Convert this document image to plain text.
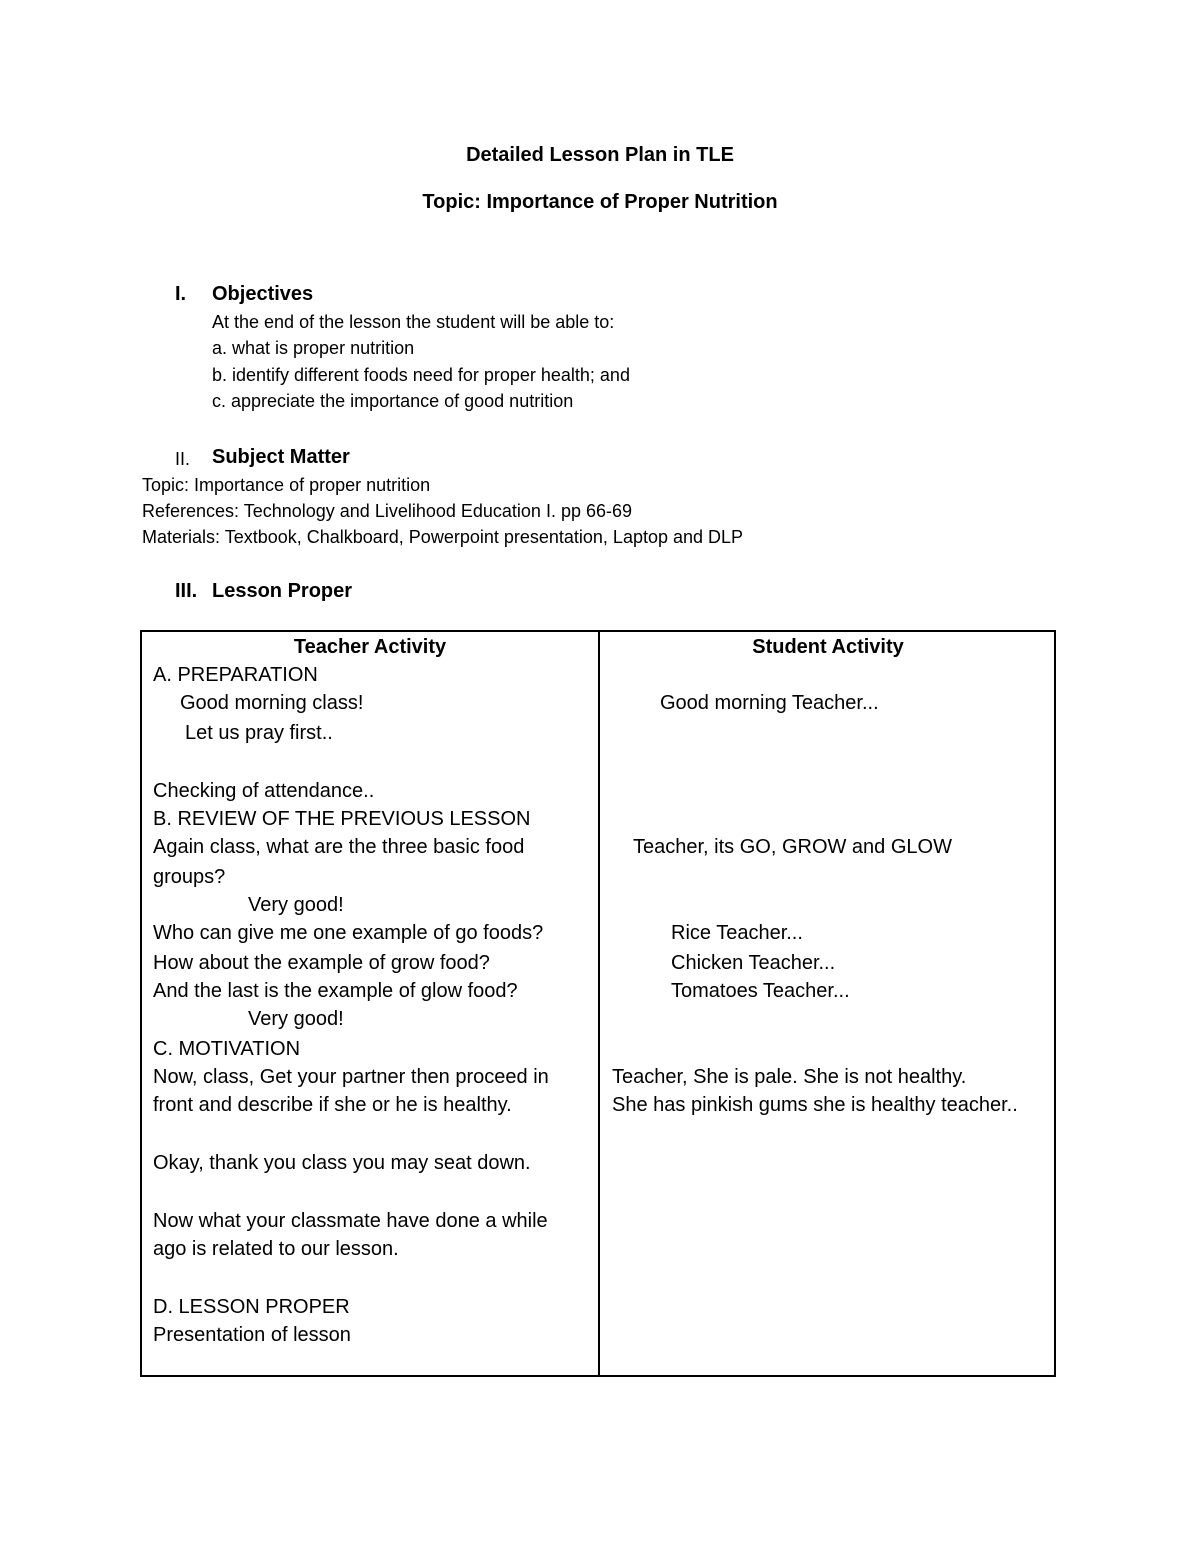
Detailed Lesson Plan in TLE
Topic: Importance of Proper Nutrition
I. Objectives
At the end of the lesson the student will be able to:
a. what is proper nutrition
b. identify different foods need for proper health; and
c. appreciate the importance of good nutrition
II. Subject Matter
Topic: Importance of proper nutrition
References: Technology and Livelihood Education I. pp 66-69
Materials: Textbook, Chalkboard, Powerpoint presentation, Laptop and DLP
III. Lesson Proper
Teacher Activity	Student Activity
A. PREPARATION
Good morning class!
Let us pray first..
Checking of attendance..
B. REVIEW OF THE PREVIOUS LESSON
Again class, what are the three basic food
groups?
Very good!
Who can give me one example of go foods?
How about the example of grow food?
And the last is the example of glow food?
Very good!
C. MOTIVATION
Now, class, Get your partner then proceed in
front and describe if she or he is healthy.
Okay, thank you class you may seat down.
Now what your classmate have done a while
ago is related to our lesson.
D. LESSON PROPER
Presentation of lesson
Good morning Teacher...
Teacher, its GO, GROW and GLOW
Rice Teacher...
Chicken Teacher...
Tomatoes Teacher...
Teacher, She is pale. She is not healthy.
She has pinkish gums she is healthy teacher..
